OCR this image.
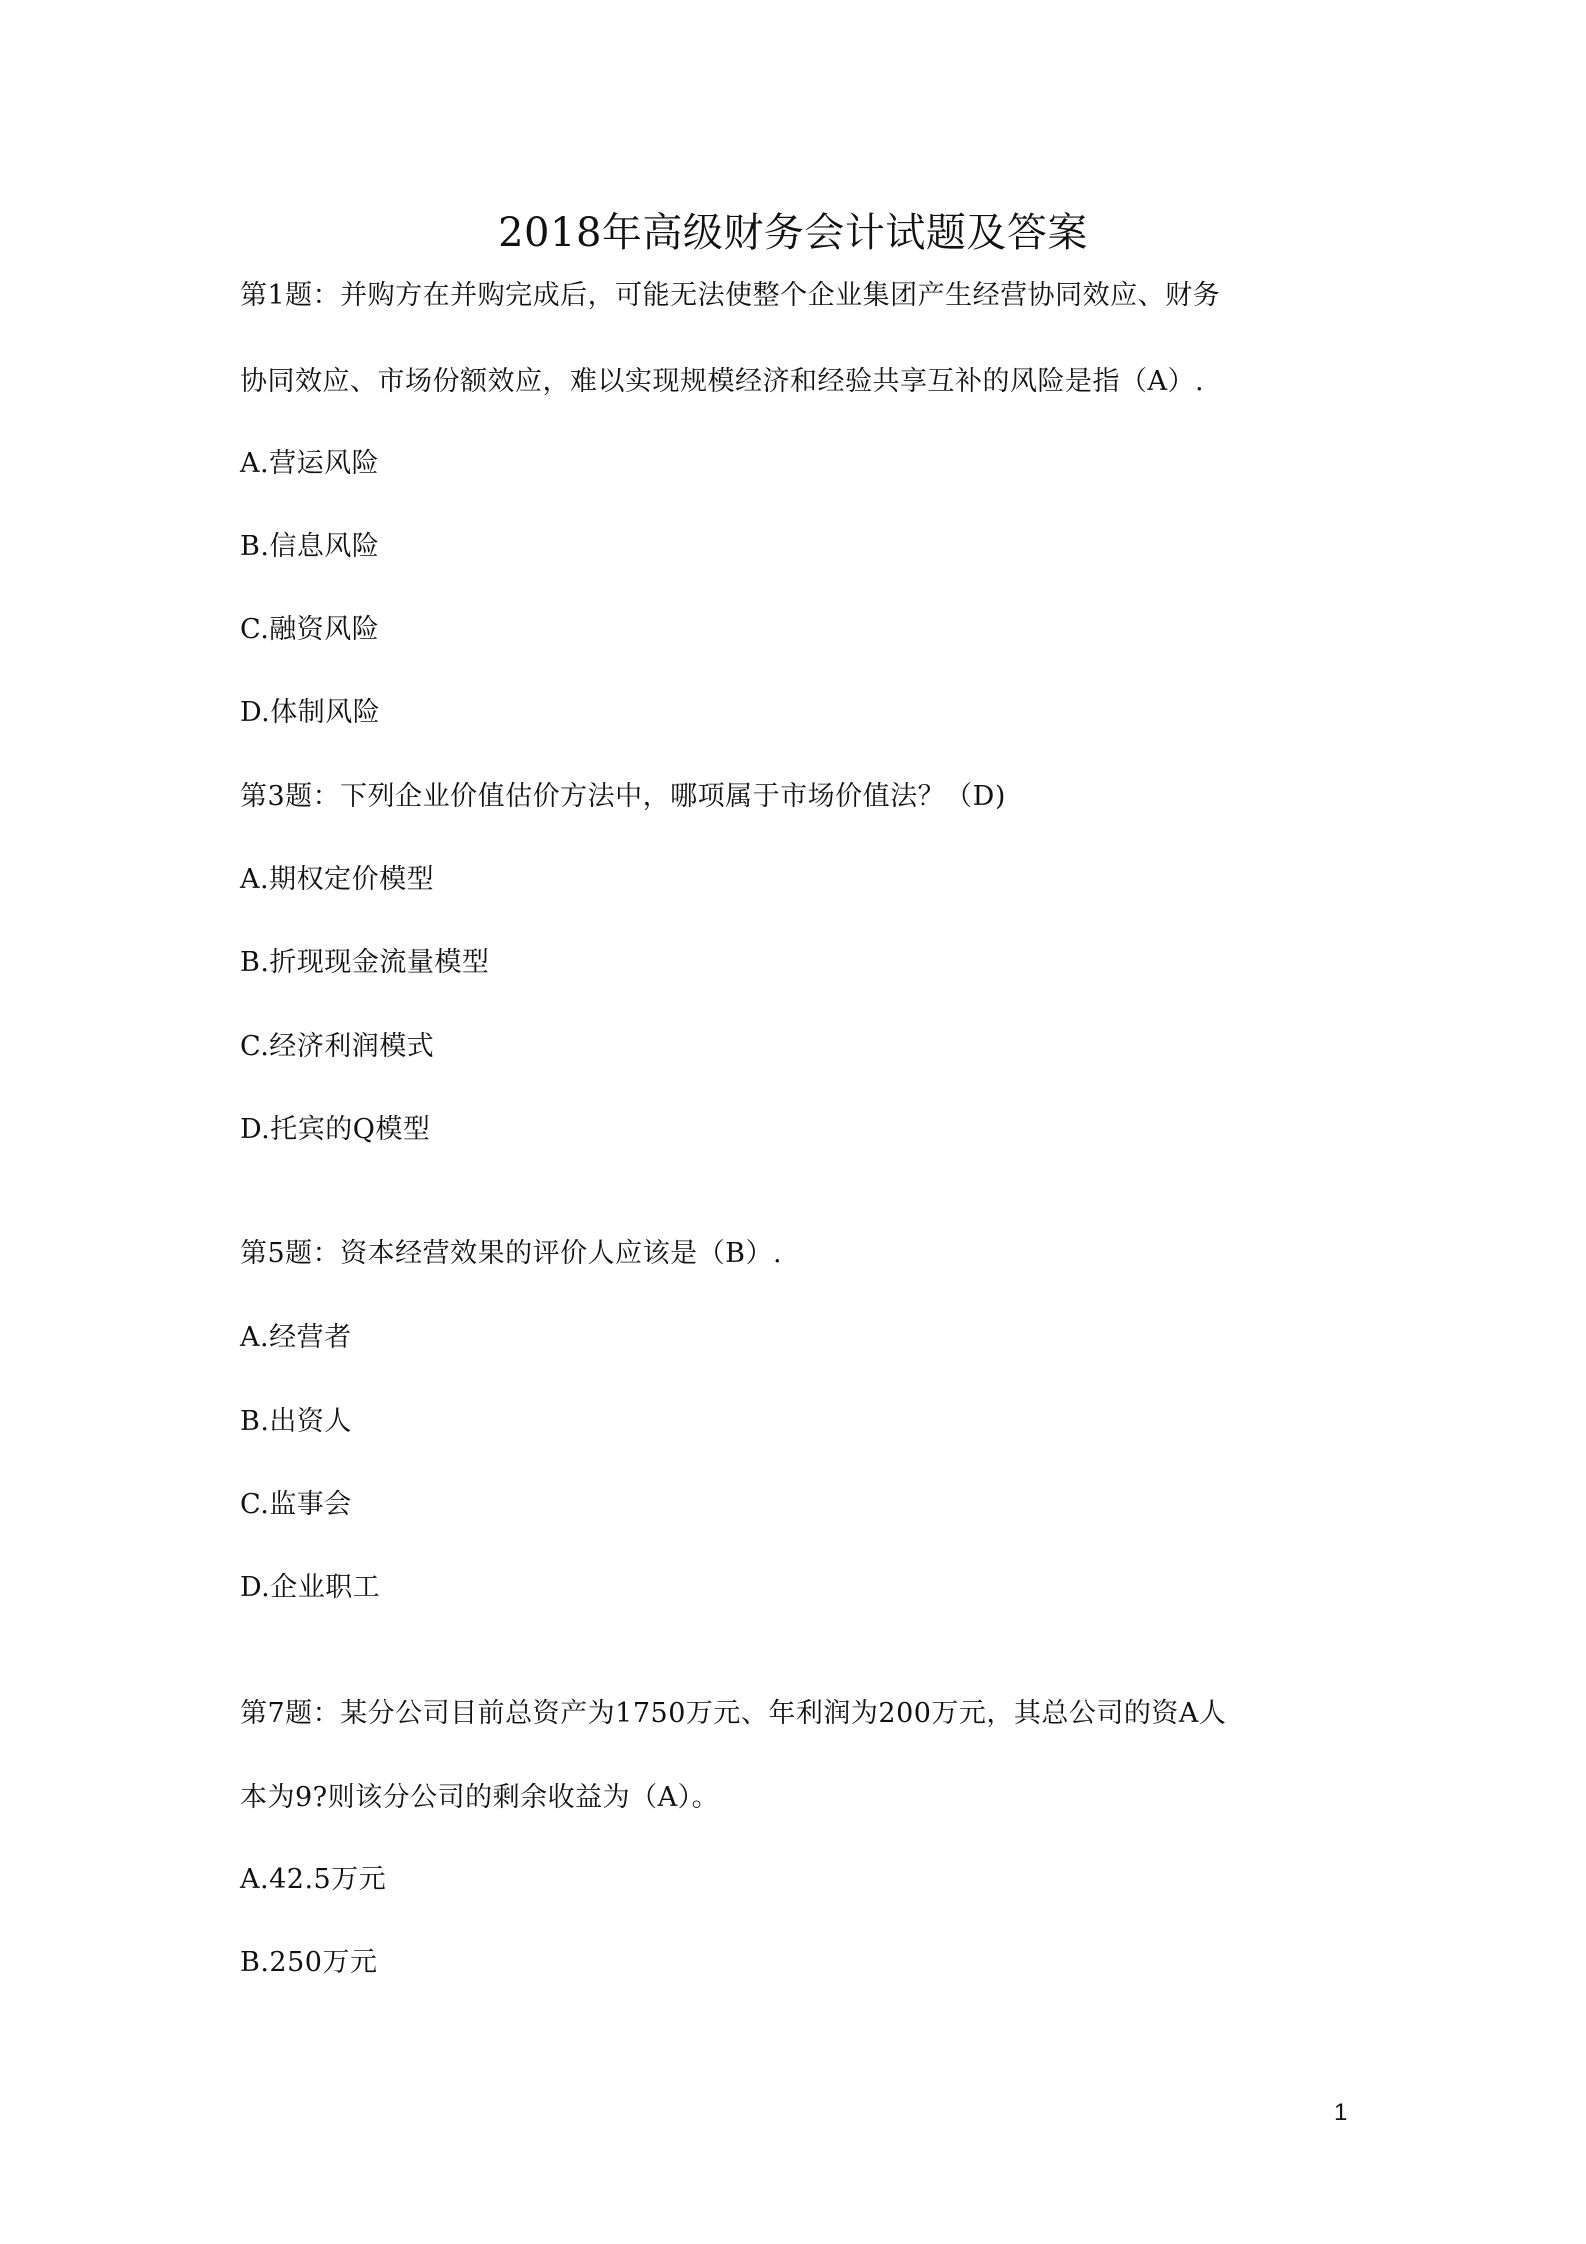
2018年高级财务会计试题及答案
第1题：并购方在并购完成后，可能无法使整个企业集团产生经营协同效应、财务
协同效应、市场份额效应，难以实现规模经济和经验共享互补的风险是指（A）.
A.营运风险
B.信息风险
C.融资风险
D.体制风险
第3题：下列企业价值估价方法中，哪项属于市场价值法？（D)
A.期权定价模型
B.折现现金流量模型
C.经济利润模式
D.托宾的Q模型
第5题：资本经营效果的评价人应该是（B）.
A.经营者
B.出资人
C.监事会
D.企业职工
第7题：某分公司目前总资产为1750万元、年利润为200万元，其总公司的资A人
本为9?则该分公司的剩余收益为（A）。
A.42.5万元
B.250万元
1
